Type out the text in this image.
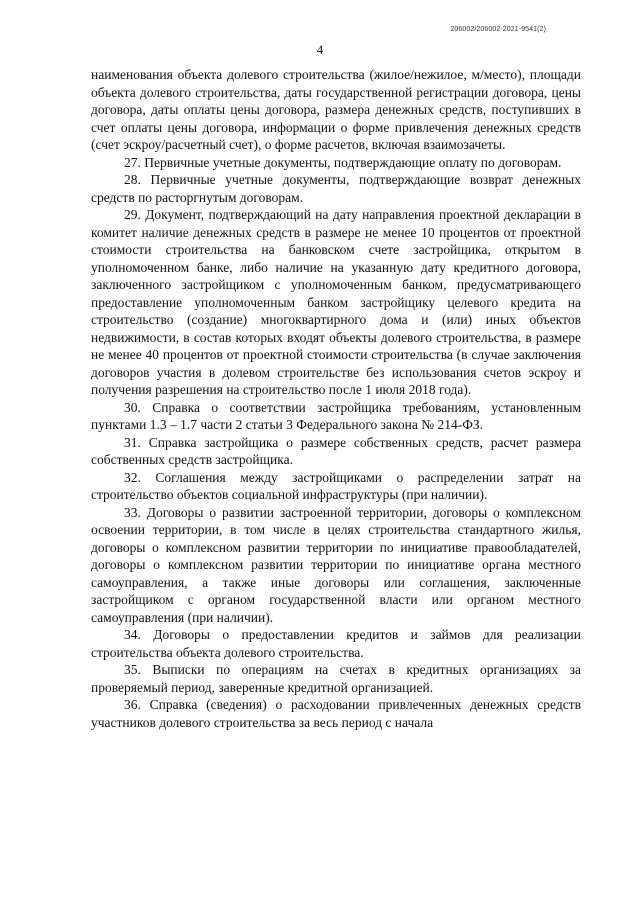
206002/206002-2021-9541(2)
4

наименования объекта долевого строительства (жилое/нежилое, м/место), площади объекта долевого строительства, даты государственной регистрации договора, цены договора, даты оплаты цены договора, размера денежных средств, поступивших в счет оплаты цены договора, информации о форме привлечения денежных средств (счет эскроу/расчетный счет), о форме расчетов, включая взаимозачеты.

27. Первичные учетные документы, подтверждающие оплату по договорам.

28. Первичные учетные документы, подтверждающие возврат денежных средств по расторгнутым договорам.

29. Документ, подтверждающий на дату направления проектной декларации в комитет наличие денежных средств в размере не менее 10 процентов от проектной стоимости строительства на банковском счете застройщика, открытом в уполномоченном банке, либо наличие на указанную дату кредитного договора, заключенного застройщиком с уполномоченным банком, предусматривающего предоставление уполномоченным банком застройщику целевого кредита на строительство (создание) многоквартирного дома и (или) иных объектов недвижимости, в состав которых входят объекты долевого строительства, в размере не менее 40 процентов от проектной стоимости строительства (в случае заключения договоров участия в долевом строительстве без использования счетов эскроу и получения разрешения на строительство после 1 июля 2018 года).

30. Справка о соответствии застройщика требованиям, установленным пунктами 1.3 – 1.7 части 2 статьи 3 Федерального закона № 214-ФЗ.

31. Справка застройщика о размере собственных средств, расчет размера собственных средств застройщика.

32. Соглашения между застройщиками о распределении затрат на строительство объектов социальной инфраструктуры (при наличии).

33. Договоры о развитии застроенной территории, договоры о комплексном освоении территории, в том числе в целях строительства стандартного жилья, договоры о комплексном развитии территории по инициативе правообладателей, договоры о комплексном развитии территории по инициативе органа местного самоуправления, а также иные договоры или соглашения, заключенные застройщиком с органом государственной власти или органом местного самоуправления (при наличии).

34. Договоры о предоставлении кредитов и займов для реализации строительства объекта долевого строительства.

35. Выписки по операциям на счетах в кредитных организациях за проверяемый период, заверенные кредитной организацией.

36. Справка (сведения) о расходовании привлеченных денежных средств участников долевого строительства за весь период с начала
